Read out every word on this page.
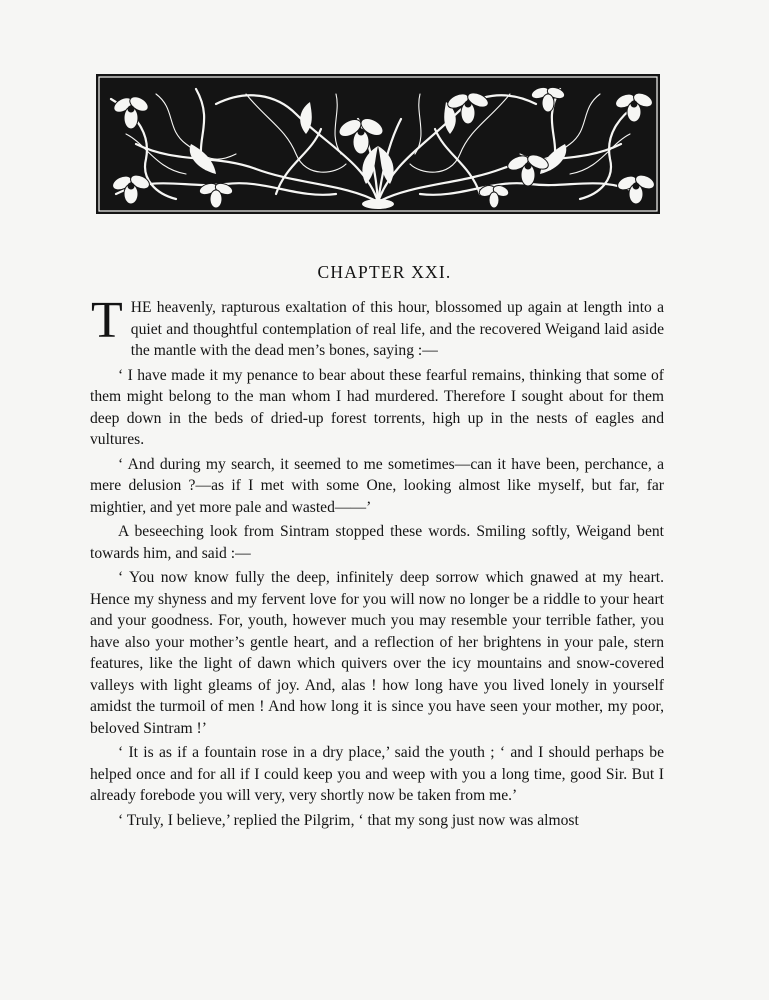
CHAPTER XXI.

THE heavenly, rapturous exaltation of this hour, blossomed up again at length into a quiet and thoughtful contemplation of real life, and the recovered Weigand laid aside the mantle with the dead men’s bones, saying :—

‘ I have made it my penance to bear about these fearful remains, thinking that some of them might belong to the man whom I had murdered. Therefore I sought about for them deep down in the beds of dried-up forest torrents, high up in the nests of eagles and vultures.

‘ And during my search, it seemed to me sometimes—can it have been, perchance, a mere delusion ?—as if I met with some One, looking almost like myself, but far, far mightier, and yet more pale and wasted——’

A beseeching look from Sintram stopped these words. Smiling softly, Weigand bent towards him, and said :—

‘ You now know fully the deep, infinitely deep sorrow which gnawed at my heart. Hence my shyness and my fervent love for you will now no longer be a riddle to your heart and your goodness. For, youth, however much you may resemble your terrible father, you have also your mother’s gentle heart, and a reflection of her brightens in your pale, stern features, like the light of dawn which quivers over the icy mountains and snow-covered valleys with light gleams of joy. And, alas ! how long have you lived lonely in yourself amidst the turmoil of men ! And how long it is since you have seen your mother, my poor, beloved Sintram !’

‘ It is as if a fountain rose in a dry place,’ said the youth ; ‘ and I should perhaps be helped once and for all if I could keep you and weep with you a long time, good Sir. But I already forebode you will very, very shortly now be taken from me.’

‘ Truly, I believe,’ replied the Pilgrim, ‘ that my song just now was almost
